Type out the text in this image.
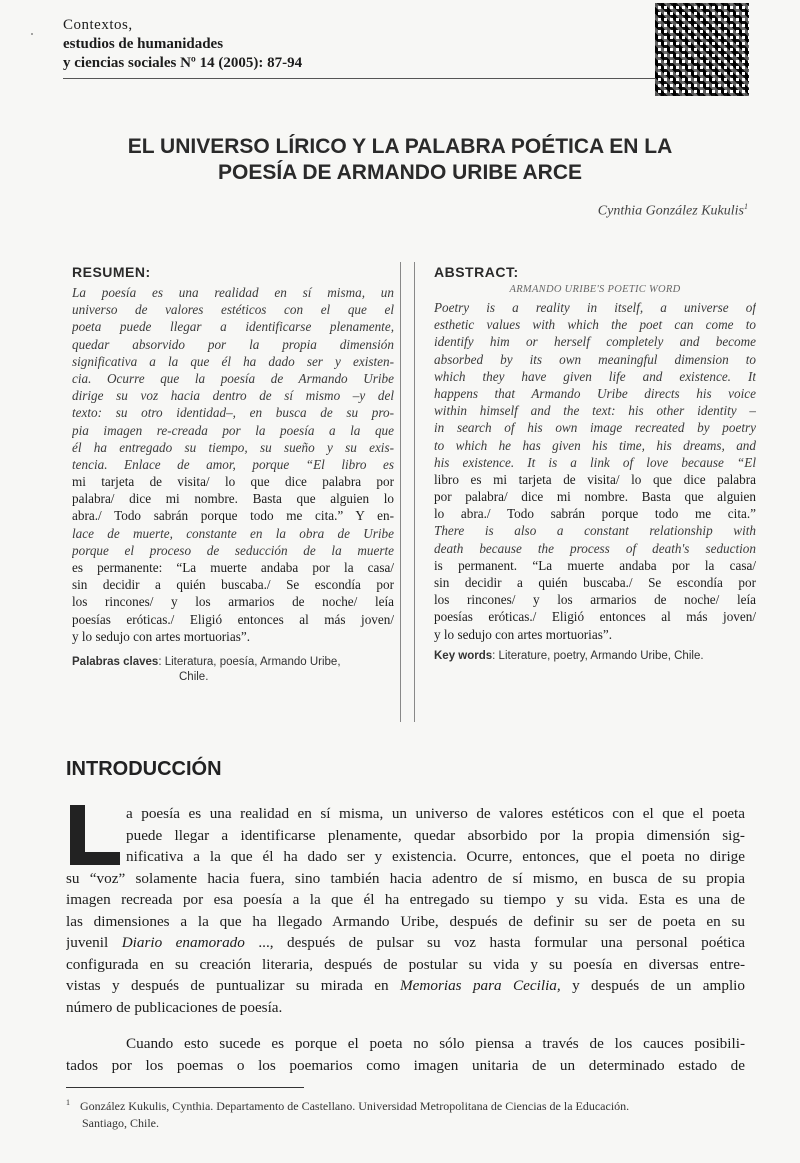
Contextos,
estudios de humanidades
y ciencias sociales Nº 14 (2005): 87-94
EL UNIVERSO LÍRICO Y LA PALABRA POÉTICA EN LA
POESÍA DE ARMANDO URIBE ARCE
Cynthia González Kukulis$^1$
RESUMEN:
La poesía es una realidad en sí misma, un
universo de valores estéticos con el que el
poeta puede llegar a identificarse plenamente,
quedar absorvido por la propia dimensión
significativa a la que él ha dado ser y existen-
cia. Ocurre que la poesía de Armando Uribe
dirige su voz hacia dentro de sí mismo –y del
texto: su otro identidad–, en busca de su pro-
pia imagen re-creada por la poesía a la que
él ha entregado su tiempo, su sueño y su exis-
tencia. Enlace de amor, porque “El libro es
mi tarjeta de visita/ lo que dice palabra por
palabra/ dice mi nombre. Basta que alguien lo
abra./ Todo sabrán porque todo me cita.” Y en-
lace de muerte, constante en la obra de Uribe
porque el proceso de seducción de la muerte
es permanente: “La muerte andaba por la casa/
sin decidir a quién buscaba./ Se escondía por
los rincones/ y los armarios de noche/ leía
poesías eróticas./ Eligió entonces al más joven/
y lo sedujo con artes mortuorias”.
Palabras claves: Literatura, poesía, Armando Uribe,
Chile.
ABSTRACT:
ARMANDO URIBE'S POETIC WORD
Poetry is a reality in itself, a universe of
esthetic values with which the poet can come to
identify him or herself completely and become
absorbed by its own meaningful dimension to
which they have given life and existence. It
happens that Armando Uribe directs his voice
within himself and the text: his other identity –
in search of his own image recreated by poetry
to which he has given his time, his dreams, and
his existence. It is a link of love because “El
libro es mi tarjeta de visita/ lo que dice palabra
por palabra/ dice mi nombre. Basta que alguien
lo abra./ Todo sabrán porque todo me cita.”
There is also a constant relationship with
death because the process of death's seduction
is permanent. “La muerte andaba por la casa/
sin decidir a quién buscaba./ Se escondía por
los rincones/ y los armarios de noche/ leía
poesías eróticas./ Eligió entonces al más joven/
y lo sedujo con artes mortuorias”.
Key words: Literature, poetry, Armando Uribe, Chile.
INTRODUCCIÓN
a poesía es una realidad en sí misma, un universo de valores estéticos con el que el poeta
puede llegar a identificarse plenamente, quedar absorbido por la propia dimensión sig-
nificativa a la que él ha dado ser y existencia. Ocurre, entonces, que el poeta no dirige
su “voz” solamente hacia fuera, sino también hacia adentro de sí mismo, en busca de su propia
imagen recreada por esa poesía a la que él ha entregado su tiempo y su vida. Esta es una de
las dimensiones a la que ha llegado Armando Uribe, después de definir su ser de poeta en su
juvenil Diario enamorado ..., después de pulsar su voz hasta formular una personal poética
configurada en su creación literaria, después de postular su vida y su poesía en diversas entre-
vistas y después de puntualizar su mirada en Memorias para Cecilia, y después de un amplio
número de publicaciones de poesía.
Cuando esto sucede es porque el poeta no sólo piensa a través de los cauces posibili-
tados por los poemas o los poemarios como imagen unitaria de un determinado estado de
$^1$ González Kukulis, Cynthia. Departamento de Castellano. Universidad Metropolitana de Ciencias de la Educación.
Santiago, Chile.
